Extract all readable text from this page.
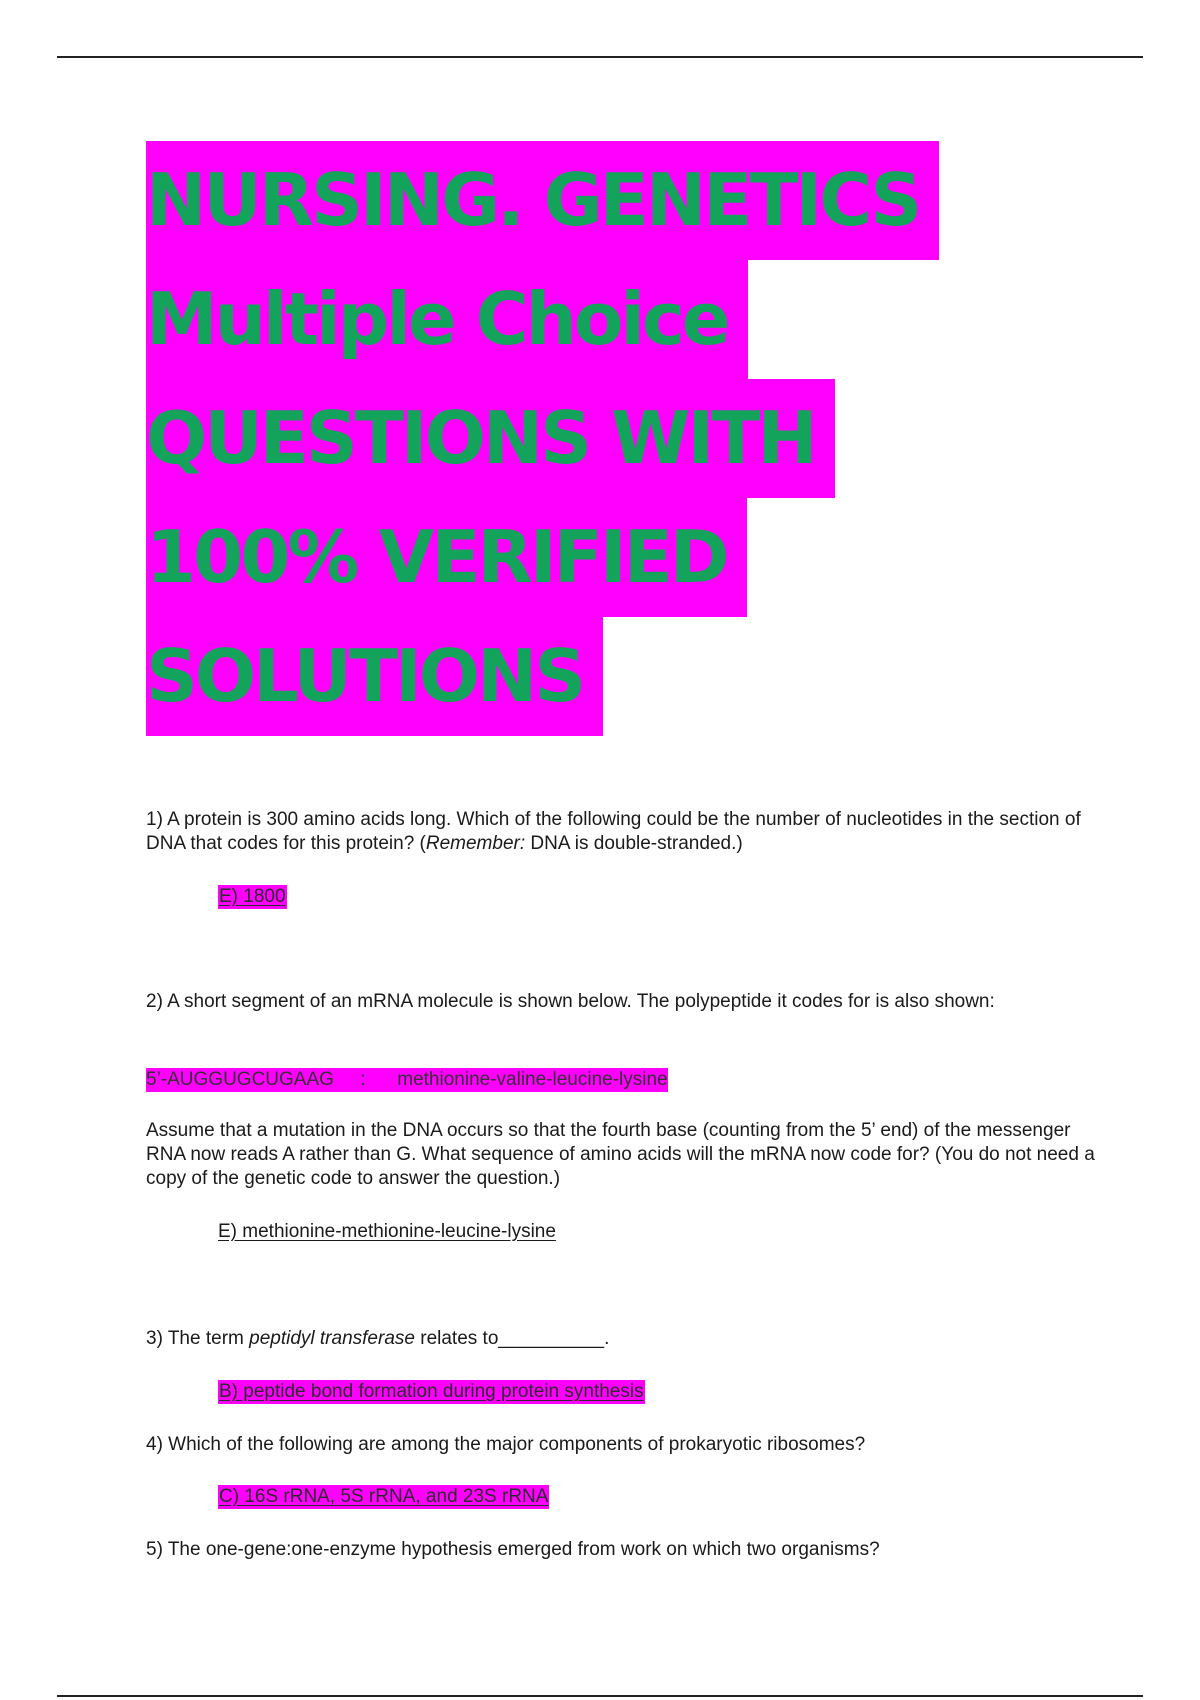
NURSING. GENETICS
Multiple Choice
QUESTIONS WITH
100% VERIFIED
SOLUTIONS

1) A protein is 300 amino acids long. Which of the following could be the number of nucleotides in the section of DNA that codes for this protein? (Remember: DNA is double-stranded.)

E) 1800

2) A short segment of an mRNA molecule is shown below. The polypeptide it codes for is also shown:

5’-AUGGUGCUGAAG     :      methionine-valine-leucine-lysine

Assume that a mutation in the DNA occurs so that the fourth base (counting from the 5’ end) of the messenger RNA now reads A rather than G. What sequence of amino acids will the mRNA now code for? (You do not need a copy of the genetic code to answer the question.)

E) methionine-methionine-leucine-lysine

3) The term peptidyl transferase relates to__________.

B) peptide bond formation during protein synthesis

4) Which of the following are among the major components of prokaryotic ribosomes?

C) 16S rRNA, 5S rRNA, and 23S rRNA

5) The one-gene:one-enzyme hypothesis emerged from work on which two organisms?
